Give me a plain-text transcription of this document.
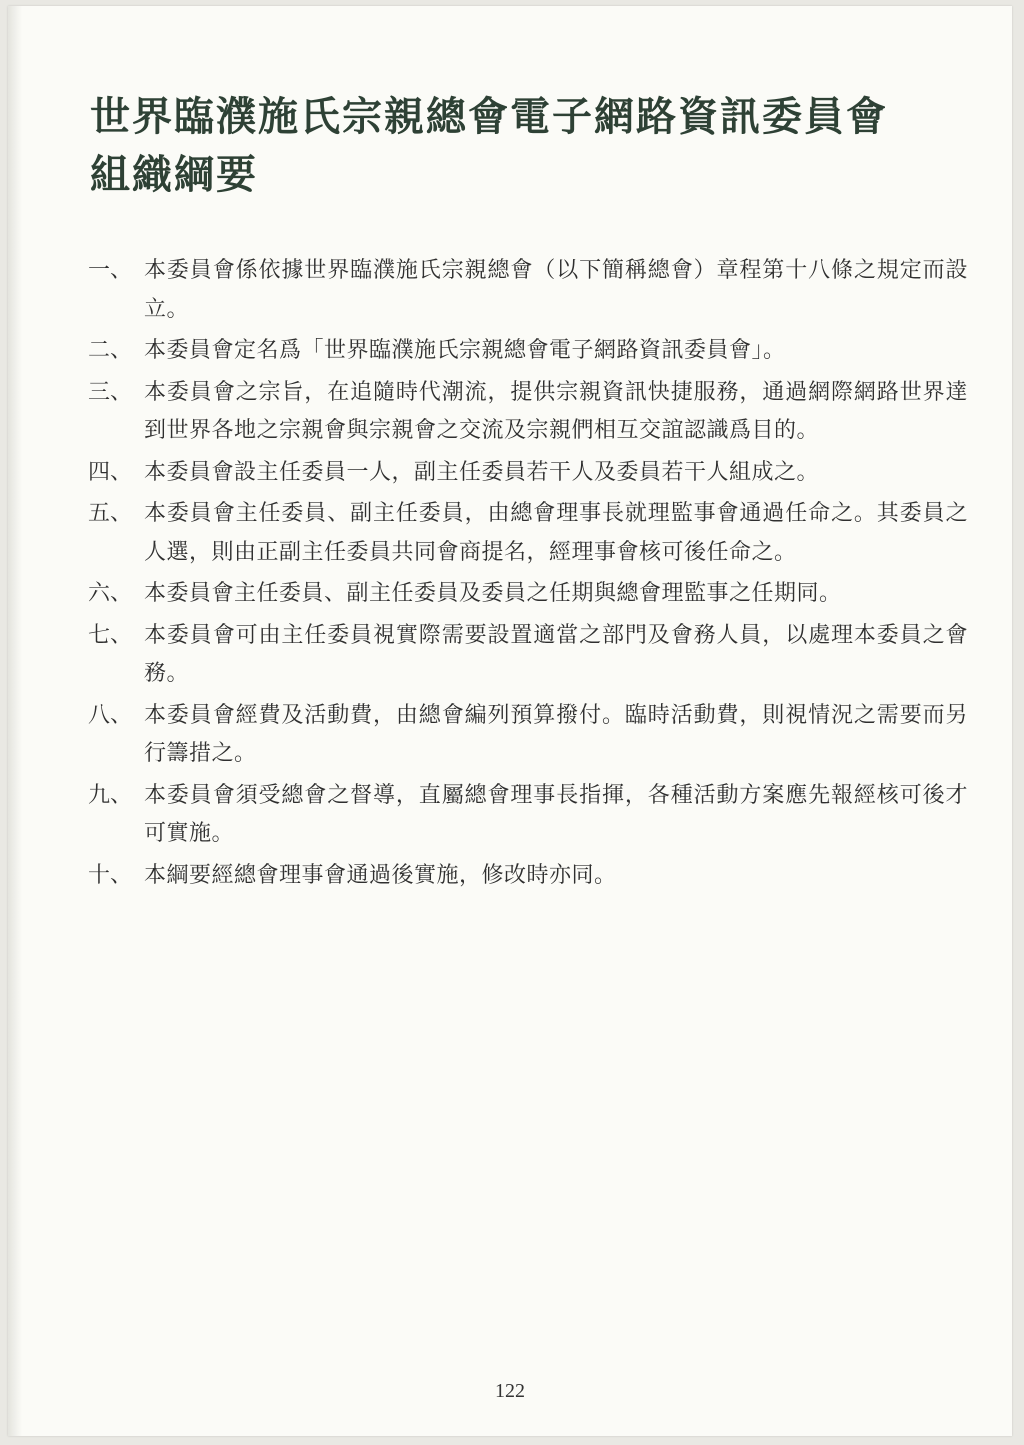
世界臨濮施氏宗親總會電子網路資訊委員會
組織綱要
一、 本委員會係依據世界臨濮施氏宗親總會（以下簡稱總會）章程第十八條之規定而設立。
二、 本委員會定名爲「世界臨濮施氏宗親總會電子網路資訊委員會」。
三、 本委員會之宗旨，在追隨時代潮流，提供宗親資訊快捷服務，通過網際網路世界達到世界各地之宗親會與宗親會之交流及宗親們相互交誼認識爲目的。
四、 本委員會設主任委員一人，副主任委員若干人及委員若干人組成之。
五、 本委員會主任委員、副主任委員，由總會理事長就理監事會通過任命之。其委員之人選，則由正副主任委員共同會商提名，經理事會核可後任命之。
六、 本委員會主任委員、副主任委員及委員之任期與總會理監事之任期同。
七、 本委員會可由主任委員視實際需要設置適當之部門及會務人員，以處理本委員之會務。
八、 本委員會經費及活動費，由總會編列預算撥付。臨時活動費，則視情況之需要而另行籌措之。
九、 本委員會須受總會之督導，直屬總會理事長指揮，各種活動方案應先報經核可後才可實施。
十、 本綱要經總會理事會通過後實施，修改時亦同。
122
